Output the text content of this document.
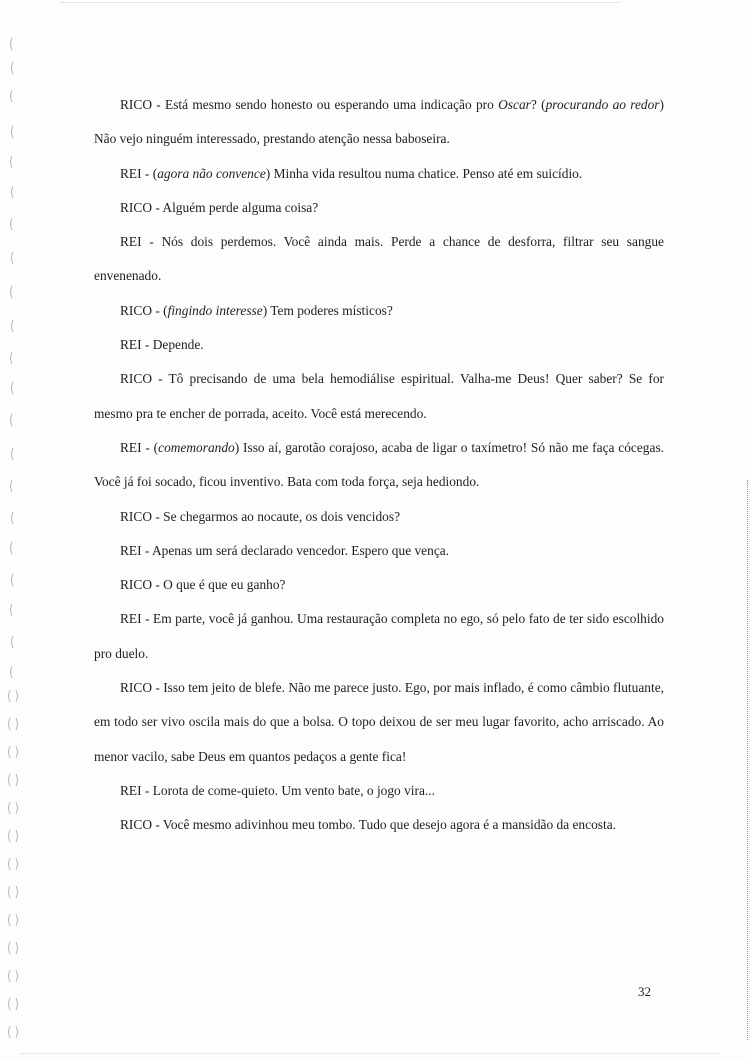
RICO - Está mesmo sendo honesto ou esperando uma indicação pro Oscar? (procurando ao redor) Não vejo ninguém interessado, prestando atenção nessa baboseira.

REI - (agora não convence) Minha vida resultou numa chatice. Penso até em suicídio.

RICO - Alguém perde alguma coisa?

REI - Nós dois perdemos. Você ainda mais. Perde a chance de desforra, filtrar seu sangue envenenado.

RICO - (fingindo interesse) Tem poderes místicos?

REI - Depende.

RICO - Tô precisando de uma bela hemodiálise espiritual. Valha-me Deus! Quer saber? Se for mesmo pra te encher de porrada, aceito. Você está merecendo.

REI - (comemorando) Isso aí, garotão corajoso, acaba de ligar o taxímetro! Só não me faça cócegas. Você já foi socado, ficou inventivo. Bata com toda força, seja hediondo.

RICO - Se chegarmos ao nocaute, os dois vencidos?

REI - Apenas um será declarado vencedor. Espero que vença.

RICO - O que é que eu ganho?

REI - Em parte, você já ganhou. Uma restauração completa no ego, só pelo fato de ter sido escolhido pro duelo.

RICO - Isso tem jeito de blefe. Não me parece justo. Ego, por mais inflado, é como câmbio flutuante, em todo ser vivo oscila mais do que a bolsa. O topo deixou de ser meu lugar favorito, acho arriscado. Ao menor vacilo, sabe Deus em quantos pedaços a gente fica!

REI - Lorota de come-quieto. Um vento bate, o jogo vira...

RICO - Você mesmo adivinhou meu tombo. Tudo que desejo agora é a mansidão da encosta.

32
